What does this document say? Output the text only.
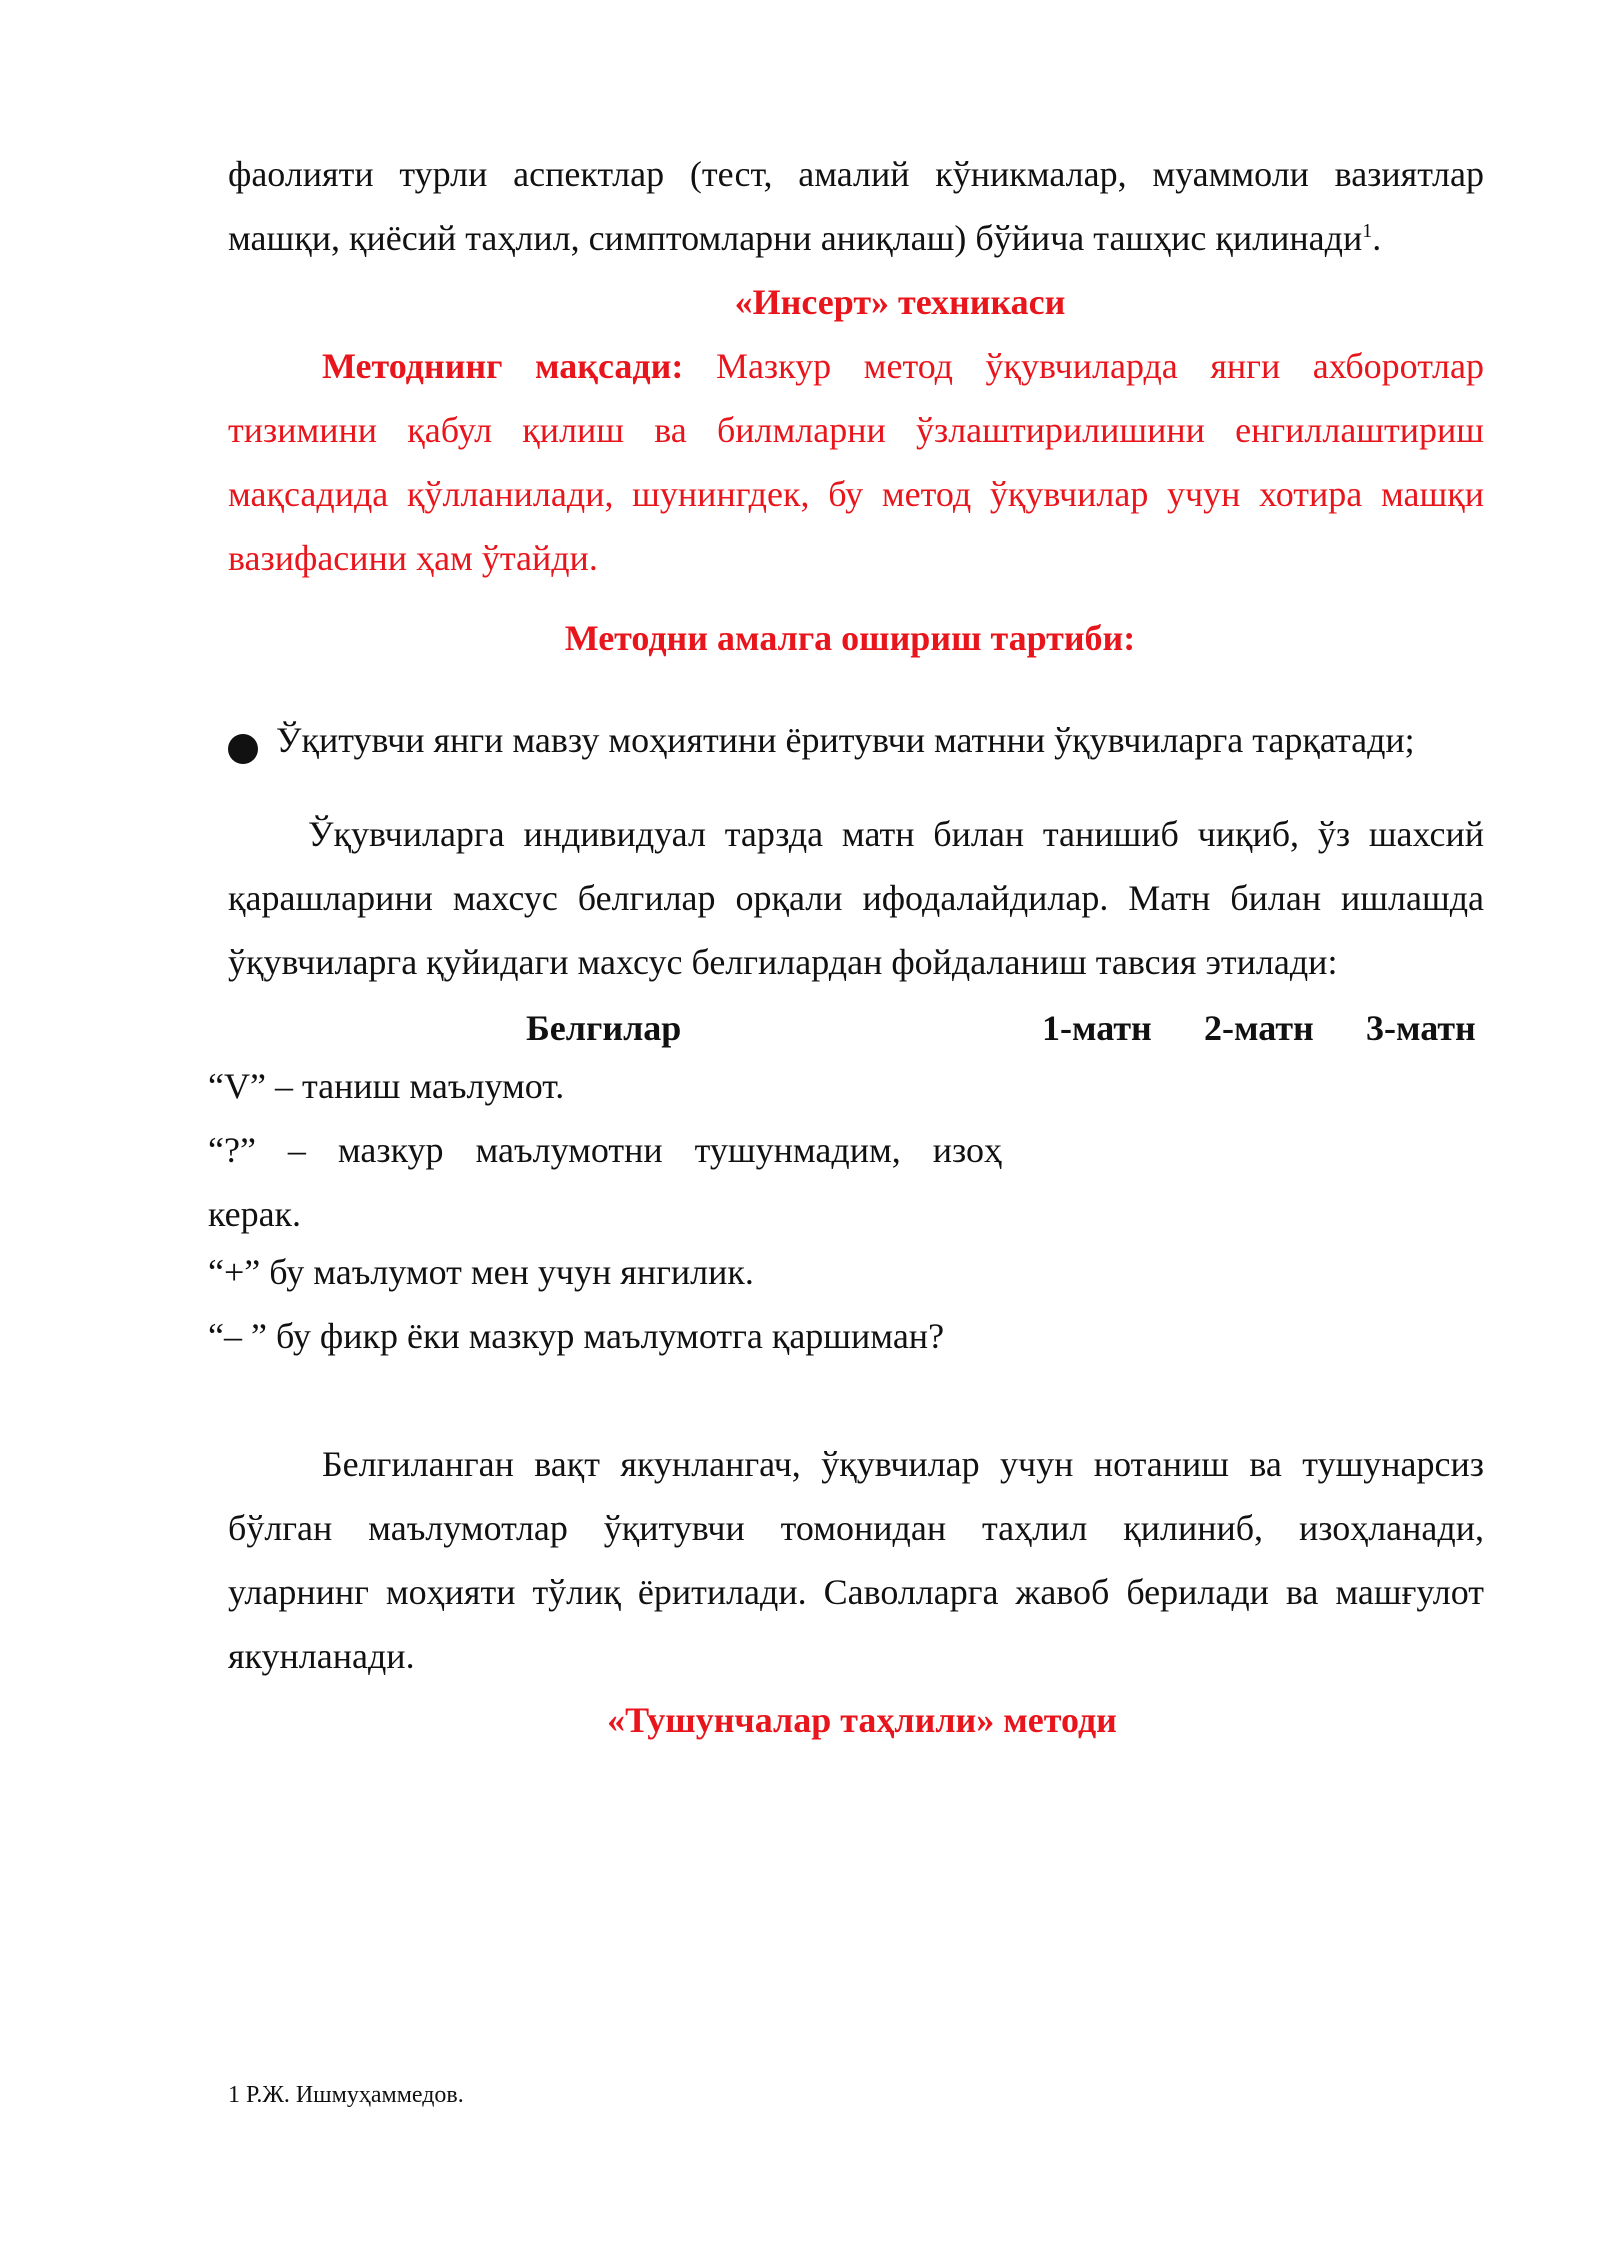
фаолияти турли аспектлар (тест, амалий кўникмалар, муаммоли вазиятлар
машқи, қиёсий таҳлил, симптомларни аниқлаш) бўйича ташҳис қилинади$^1$.
«Инсерт» техникаси
Методнинг мақсади: Мазкур метод ўқувчиларда янги ахборотлар
тизимини қабул қилиш ва билмларни ўзлаштирилишини енгиллаштириш
мақсадида қўлланилади, шунингдек, бу метод ўқувчилар учун хотира машқи
вазифасини ҳам ўтайди.
Методни амалга ошириш тартиби:
Ўқитувчи янги мавзу моҳиятини ёритувчи матнни ўқувчиларга тарқатади;
Ўқувчиларга индивидуал тарзда матн билан танишиб чиқиб, ўз шахсий
қарашларини махсус белгилар орқали ифодалайдилар. Матн билан ишлашда
ўқувчиларга қуйидаги махсус белгилардан фойдаланиш тавсия этилади:
Белгилар	1-матн 2-матн 3-матн
“V” – таниш маълумот.
“?” – мазкур маълумотни тушунмадим, изоҳ
керак.
“+” бу маълумот мен учун янгилик.
“– ” бу фикр ёки мазкур маълумотга қаршиман?
Белгиланган вақт якунлангач, ўқувчилар учун нотаниш ва тушунарсиз
бўлган маълумотлар ўқитувчи томонидан таҳлил қилиниб, изоҳланади,
уларнинг моҳияти тўлиқ ёритилади. Саволларга жавоб берилади ва машғулот
якунланади.
«Тушунчалар таҳлили» методи
1 Р.Ж. Ишмуҳаммедов.
